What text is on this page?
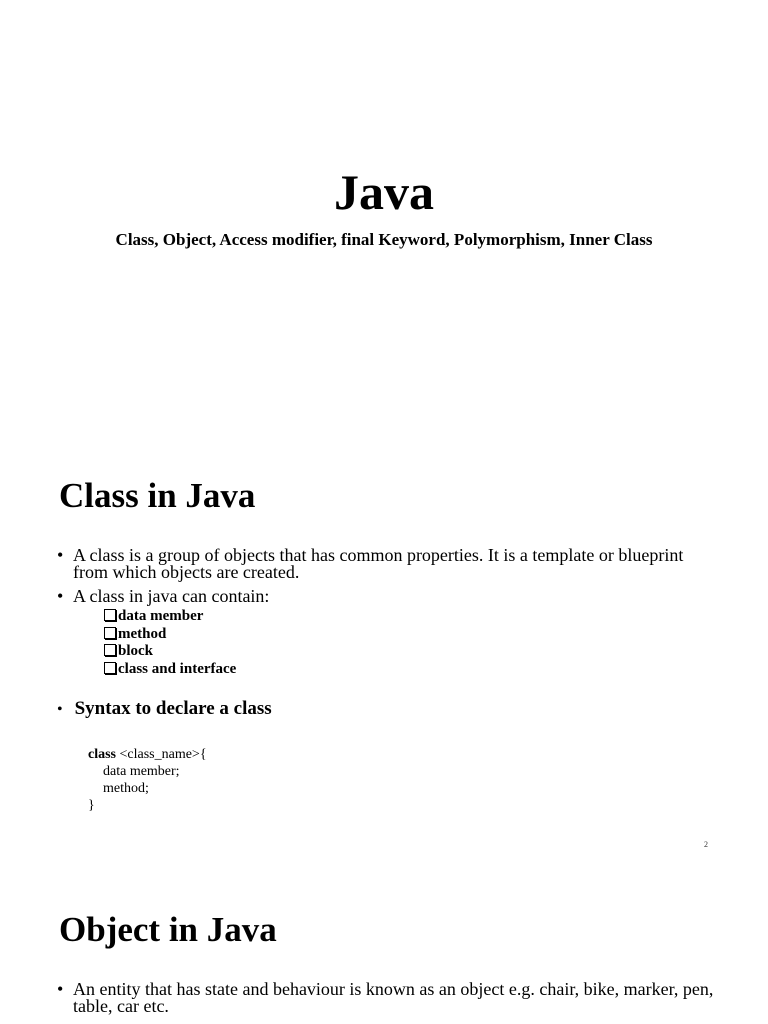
Java

Class, Object, Access modifier, final Keyword, Polymorphism, Inner Class

Class in Java
• A class is a group of objects that has common properties. It is a template or blueprint from which objects are created.
• A class in java can contain:
data member
method
block
class and interface

• Syntax to declare a class

class <class_name>{
data member;
method;
}
2
Object in Java
• An entity that has state and behaviour is known as an object e.g. chair, bike, marker, pen, table, car etc.
